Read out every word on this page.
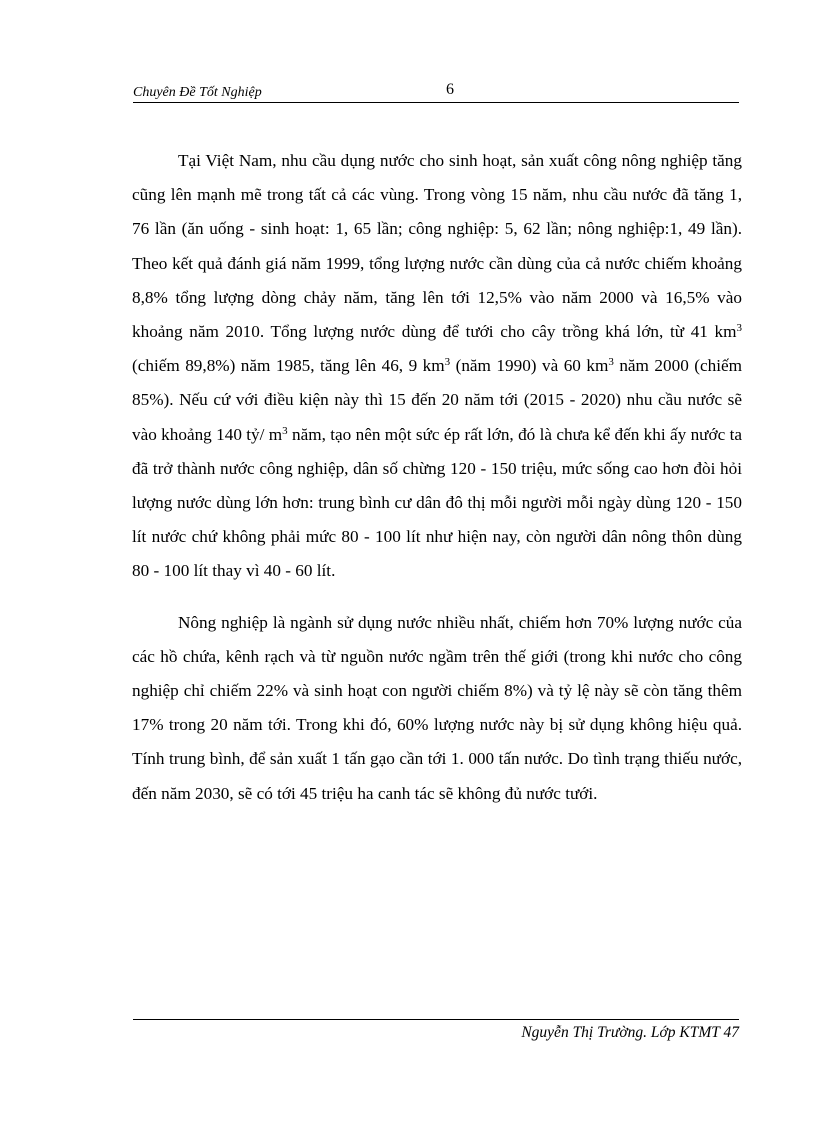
Chuyên Đề Tốt Nghiệp	6

Tại Việt Nam, nhu cầu dụng nước cho sinh hoạt, sản xuất công nông nghiệp tăng cũng lên mạnh mẽ trong tất cả các vùng. Trong vòng 15 năm, nhu cầu nước đã tăng 1, 76 lần (ăn uống - sinh hoạt: 1, 65 lần; công nghiệp: 5, 62 lần; nông nghiệp:1, 49 lần). Theo kết quả đánh giá năm 1999, tổng lượng nước cần dùng của cả nước chiếm khoảng 8,8% tổng lượng dòng chảy năm, tăng lên tới 12,5% vào năm 2000 và 16,5% vào khoảng năm 2010. Tổng lượng nước dùng để tưới cho cây trồng khá lớn, từ 41 $km^3$ (chiếm 89,8%) năm 1985, tăng lên 46, 9 $km^3$ (năm 1990) và 60 $km^3$ năm 2000 (chiếm 85%). Nếu cứ với điều kiện này thì 15 đến 20 năm tới (2015 - 2020) nhu cầu nước sẽ vào khoảng 140 tỷ/ $m^3$ năm, tạo nên một sức ép rất lớn, đó là chưa kể đến khi ấy nước ta đã trở thành nước công nghiệp, dân số chừng 120 - 150 triệu, mức sống cao hơn đòi hỏi lượng nước dùng lớn hơn: trung bình cư dân đô thị mỗi người mỗi ngày dùng 120 - 150 lít nước chứ không phải mức 80 - 100 lít như hiện nay, còn người dân nông thôn dùng 80 - 100 lít thay vì 40 - 60 lít.

Nông nghiệp là ngành sử dụng nước nhiều nhất, chiếm hơn 70% lượng nước của các hồ chứa, kênh rạch và từ nguồn nước ngầm trên thế giới (trong khi nước cho công nghiệp chỉ chiếm 22% và sinh hoạt con người chiếm 8%) và tỷ lệ này sẽ còn tăng thêm 17% trong 20 năm tới. Trong khi đó, 60% lượng nước này bị sử dụng không hiệu quả. Tính trung bình, để sản xuất 1 tấn gạo cần tới 1. 000 tấn nước. Do tình trạng thiếu nước, đến năm 2030, sẽ có tới 45 triệu ha canh tác sẽ không đủ nước tưới.

Nguyễn Thị Trường. Lớp KTMT 47
